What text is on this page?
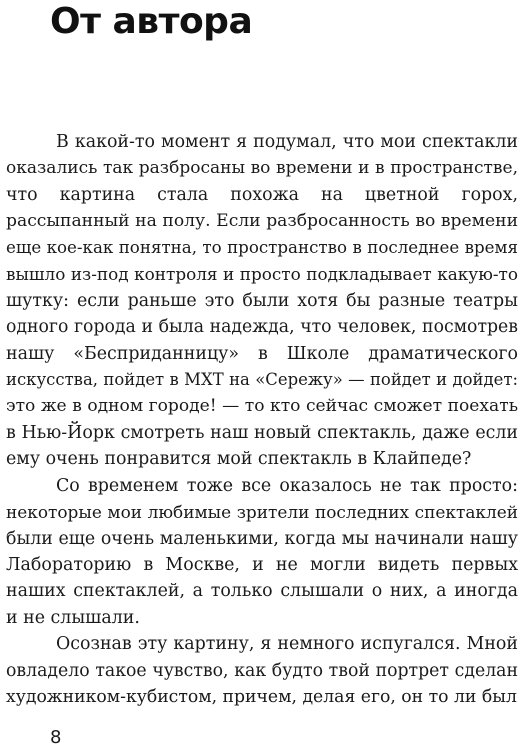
От автора
В какой-то момент я подумал, что мои спектакли
оказались так разбросаны во времени и в пространстве,
что картина стала похожа на цветной горох,
рассыпанный на полу. Если разбросанность во времени
еще кое-как понятна, то пространство в последнее время
вышло из-под контроля и просто подкладывает какую-то
шутку: если раньше это были хотя бы разные театры
одного города и была надежда, что человек, посмотрев
нашу «Бесприданницу» в Школе драматического
искусства, пойдет в МХТ на «Сережу» — пойдет и дойдет:
это же в одном городе! — то кто сейчас сможет поехать
в Нью-Йорк смотреть наш новый спектакль, даже если
ему очень понравится мой спектакль в Клайпеде?
Со временем тоже все оказалось не так просто:
некоторые мои любимые зрители последних спектаклей
были еще очень маленькими, когда мы начинали нашу
Лабораторию в Москве, и не могли видеть первых
наших спектаклей, а только слышали о них, а иногда
и не слышали.
Осознав эту картину, я немного испугался. Мной
овладело такое чувство, как будто твой портрет сделан
художником-кубистом, причем, делая его, он то ли был
8
